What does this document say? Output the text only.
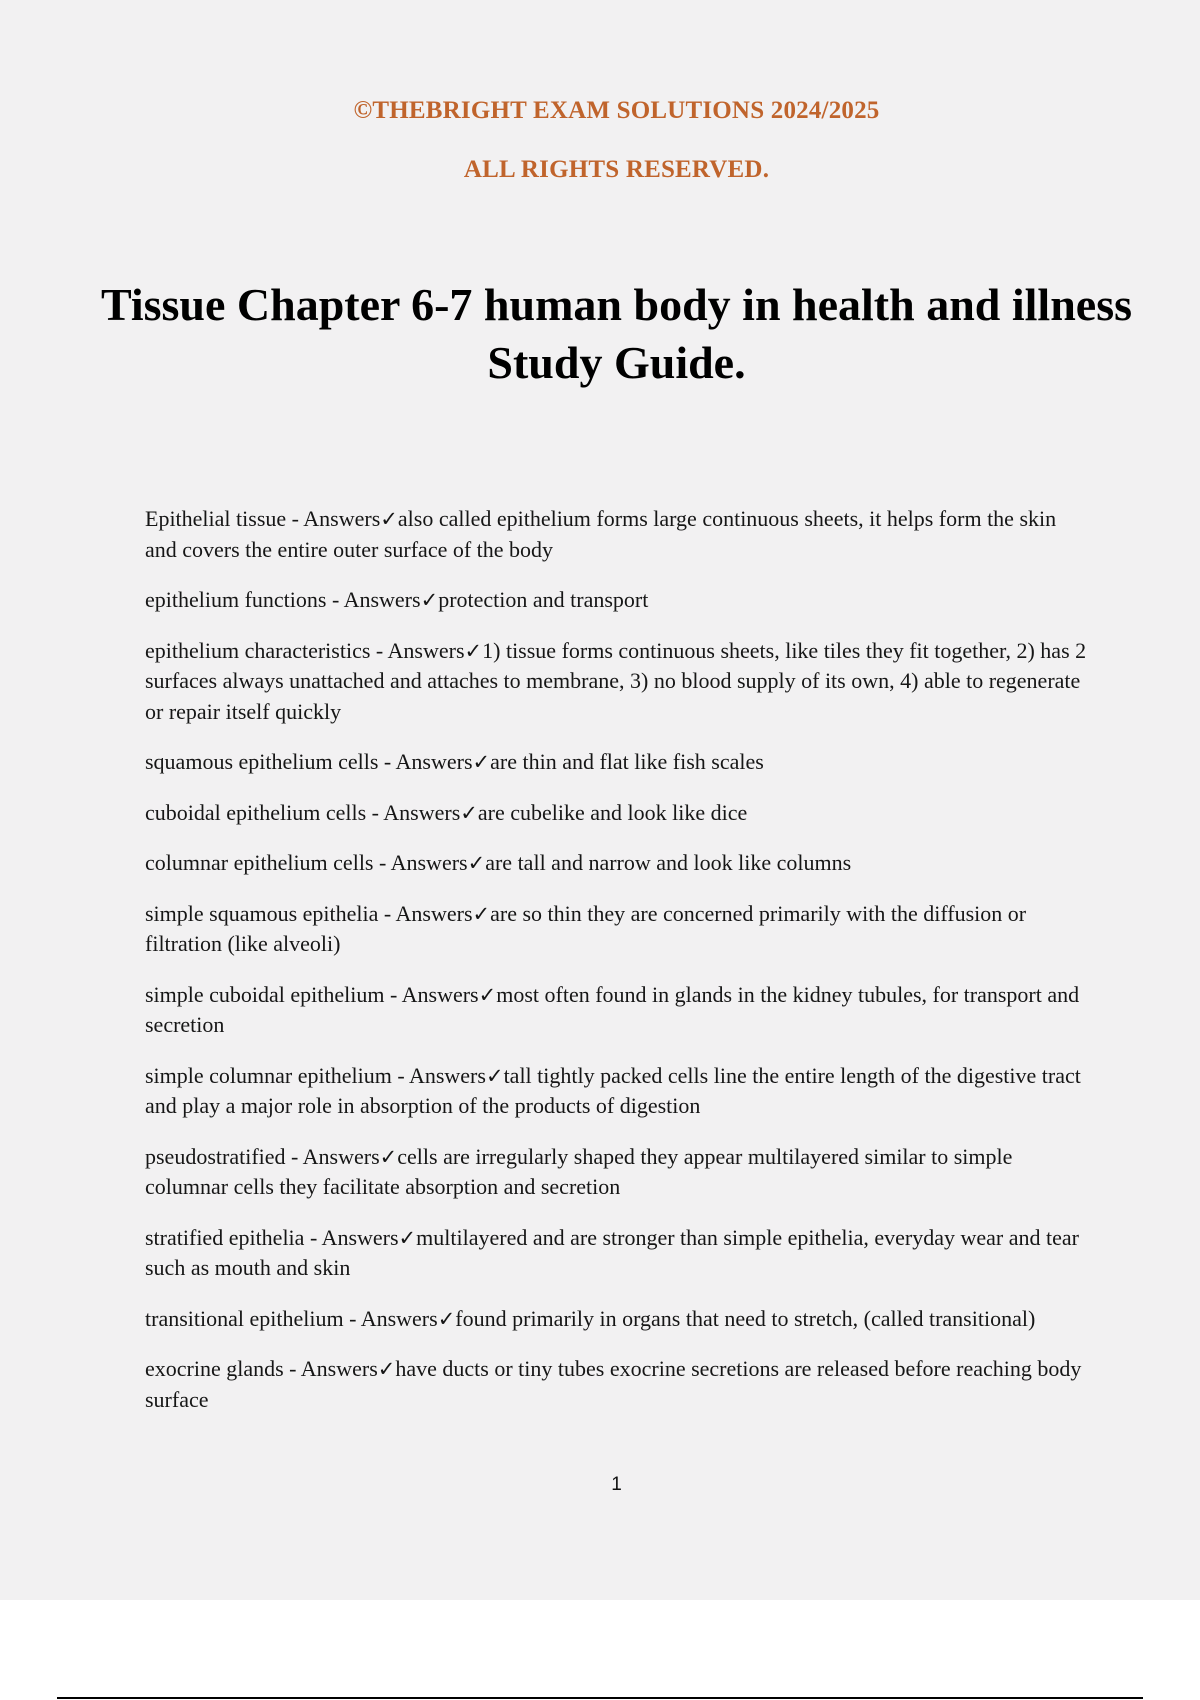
©THEBRIGHT EXAM SOLUTIONS 2024/2025
ALL RIGHTS RESERVED.
Tissue Chapter 6-7 human body in health and illness Study Guide.
Epithelial tissue - Answers✓also called epithelium forms large continuous sheets, it helps form the skin and covers the entire outer surface of the body
epithelium functions - Answers✓protection and transport
epithelium characteristics - Answers✓1) tissue forms continuous sheets, like tiles they fit together, 2) has 2 surfaces always unattached and attaches to membrane, 3) no blood supply of its own, 4) able to regenerate or repair itself quickly
squamous epithelium cells - Answers✓are thin and flat like fish scales
cuboidal epithelium cells - Answers✓are cubelike and look like dice
columnar epithelium cells - Answers✓are tall and narrow and look like columns
simple squamous epithelia - Answers✓are so thin they are concerned primarily with the diffusion or filtration (like alveoli)
simple cuboidal epithelium - Answers✓most often found in glands in the kidney tubules, for transport and secretion
simple columnar epithelium - Answers✓tall tightly packed cells line the entire length of the digestive tract and play a major role in absorption of the products of digestion
pseudostratified - Answers✓cells are irregularly shaped they appear multilayered similar to simple columnar cells they facilitate absorption and secretion
stratified epithelia - Answers✓multilayered and are stronger than simple epithelia, everyday wear and tear such as mouth and skin
transitional epithelium - Answers✓found primarily in organs that need to stretch, (called transitional)
exocrine glands - Answers✓have ducts or tiny tubes exocrine secretions are released before reaching body surface
1
